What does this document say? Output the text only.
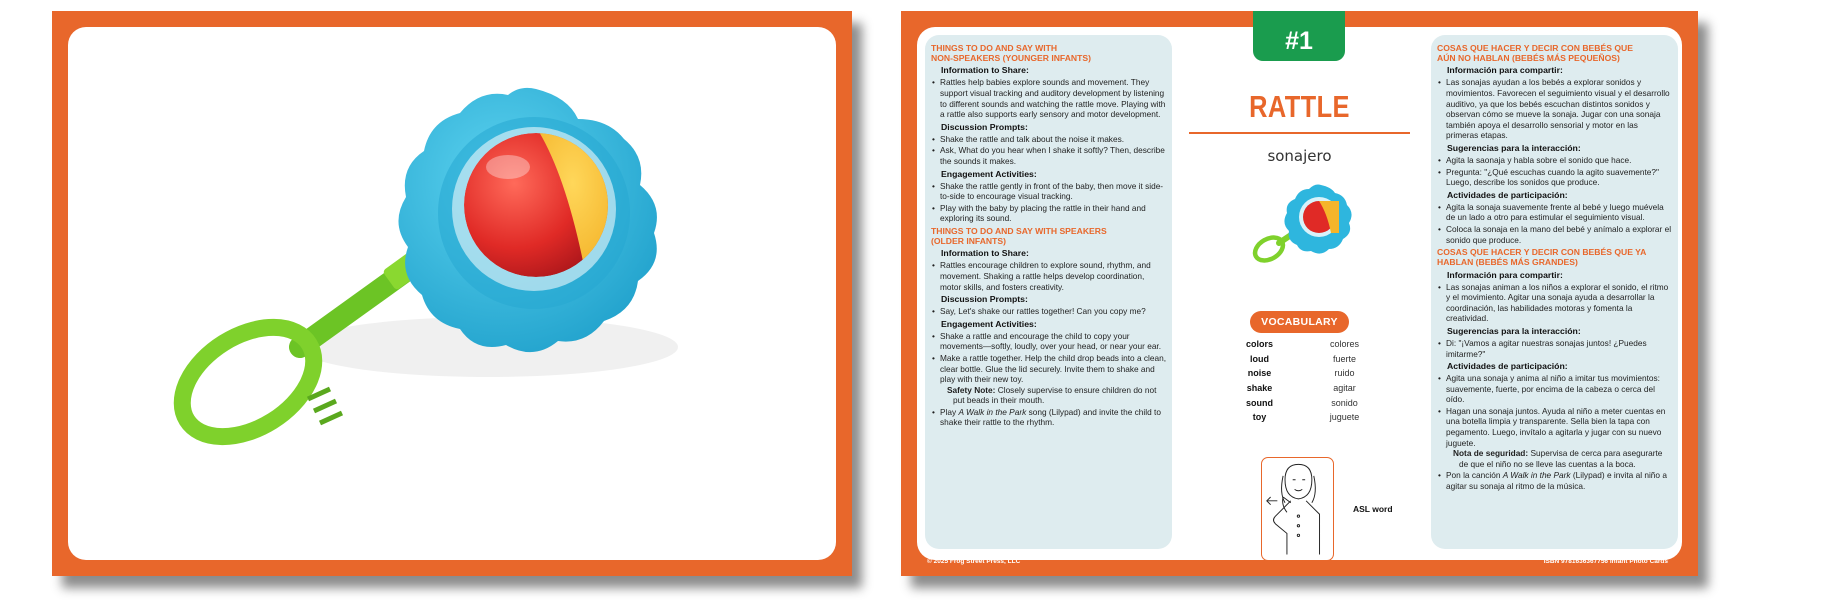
THINGS TO DO AND SAY WITH
NON-SPEAKERS (YOUNGER INFANTS)
Information to Share:
• Rattles help babies explore sounds and movement. They support visual tracking and auditory development by listening to different sounds and watching the rattle move. Playing with a rattle also supports early sensory and motor development.
Discussion Prompts:
• Shake the rattle and talk about the noise it makes.
• Ask, What do you hear when I shake it softly? Then, describe the sounds it makes.
Engagement Activities:
• Shake the rattle gently in front of the baby, then move it side-to-side to encourage visual tracking.
• Play with the baby by placing the rattle in their hand and exploring its sound.
THINGS TO DO AND SAY WITH SPEAKERS
(OLDER INFANTS)
Information to Share:
• Rattles encourage children to explore sound, rhythm, and movement. Shaking a rattle helps develop coordination, motor skills, and fosters creativity.
Discussion Prompts:
• Say, Let's shake our rattles together! Can you copy me?
Engagement Activities:
• Shake a rattle and encourage the child to copy your movements—softly, loudly, over your head, or near your ear.
• Make a rattle together. Help the child drop beads into a clean, clear bottle. Glue the lid securely. Invite them to shake and play with their new toy.
Safety Note: Closely supervise to ensure children do not put beads in their mouth.
• Play A Walk in the Park song (Lilypad) and invite the child to shake their rattle to the rhythm.
#1
RATTLE
sonajero
VOCABULARY
colors	colores
loud	fuerte
noise	ruido
shake	agitar
sound	sonido
toy	juguete
ASL word
COSAS QUE HACER Y DECIR CON BEBÉS QUE
AÚN NO HABLAN (BEBÉS MÁS PEQUEÑOS)
Información para compartir:
• Las sonajas ayudan a los bebés a explorar sonidos y movimientos. Favorecen el seguimiento visual y el desarrollo auditivo, ya que los bebés escuchan distintos sonidos y observan cómo se mueve la sonaja. Jugar con una sonaja también apoya el desarrollo sensorial y motor en las primeras etapas.
Sugerencias para la interacción:
• Agita la saonaja y habla sobre el sonido que hace.
• Pregunta: "¿Qué escuchas cuando la agito suavemente?" Luego, describe los sonidos que produce.
Actividades de participación:
• Agita la sonaja suavemente frente al bebé y luego muévela de un lado a otro para estimular el seguimiento visual.
• Coloca la sonaja en la mano del bebé y anímalo a explorar el sonido que produce.
COSAS QUE HACER Y DECIR CON BEBÉS QUE YA
HABLAN (BEBÉS MÁS GRANDES)
Información para compartir:
• Las sonajas animan a los niños a explorar el sonido, el ritmo y el movimiento. Agitar una sonaja ayuda a desarrollar la coordinación, las habilidades motoras y fomenta la creatividad.
Sugerencias para la interacción:
• Di: "¡Vamos a agitar nuestras sonajas juntos! ¿Puedes imitarme?"
Actividades de participación:
• Agita una sonaja y anima al niño a imitar tus movimientos: suavemente, fuerte, por encima de la cabeza o cerca del oído.
• Hagan una sonaja juntos. Ayuda al niño a meter cuentas en una botella limpia y transparente. Sella bien la tapa con pegamento. Luego, invítalo a agitarla y jugar con su nuevo juguete.
Nota de seguridad: Supervisa de cerca para asegurarte de que el niño no se lleve las cuentas a la boca.
• Pon la canción A Walk in the Park (Lilypad) e invita al niño a agitar su sonaja al ritmo de la música.
© 2025 Frog Street Press, LLC	ISBN 9781636367756 Infant Photo Cards
